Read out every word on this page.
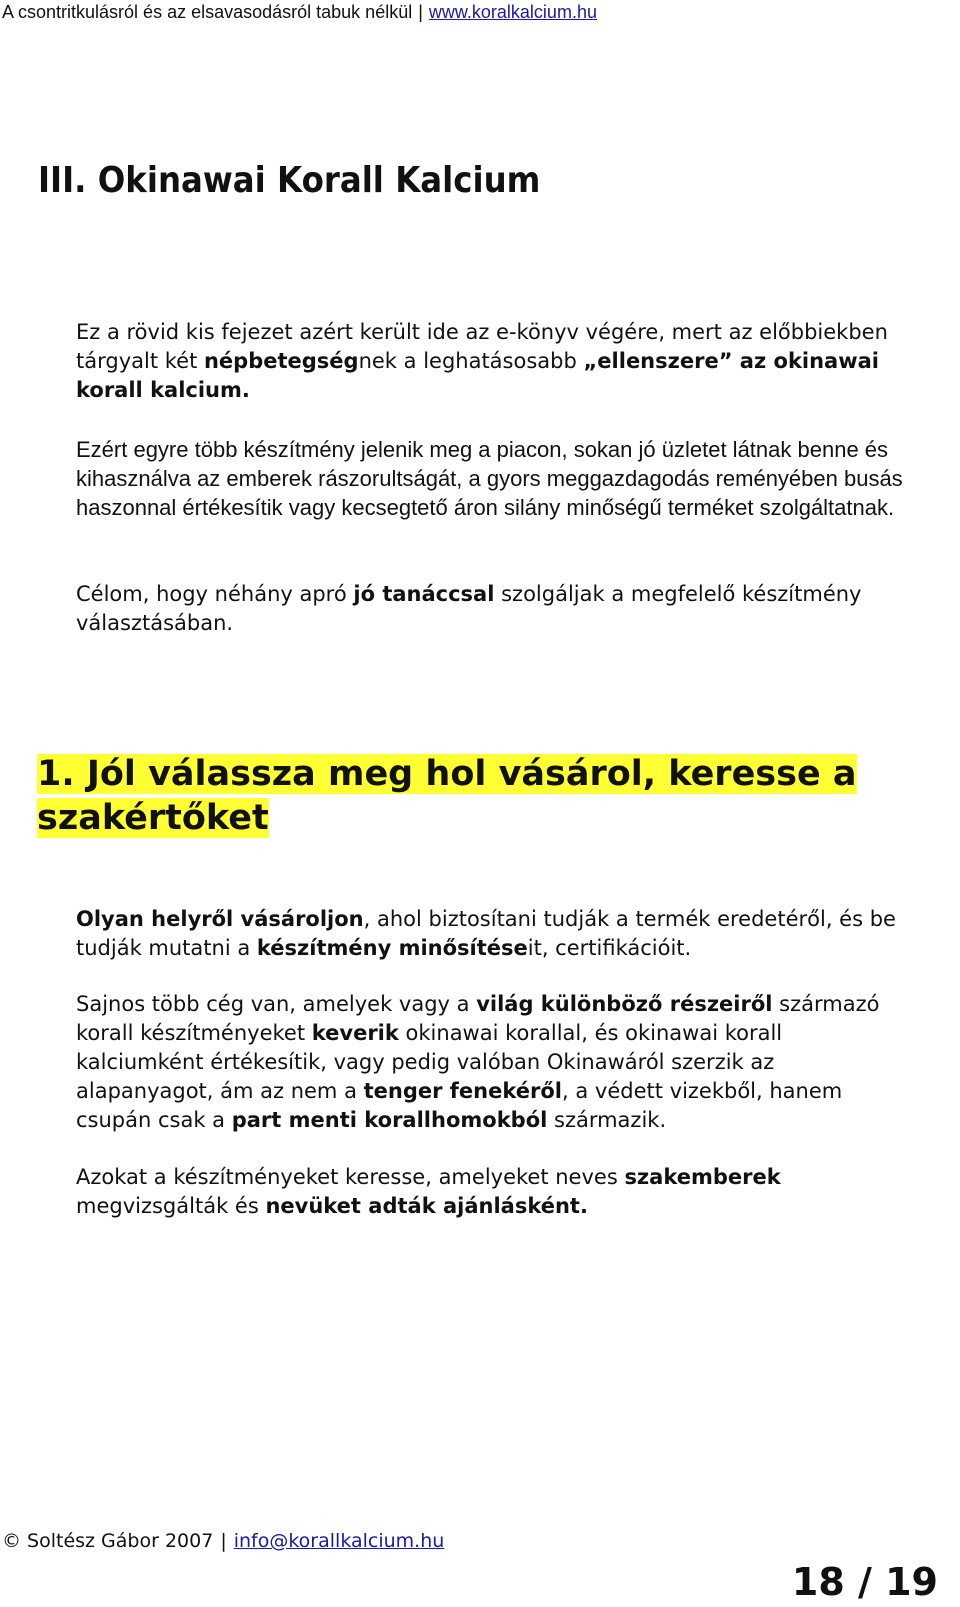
A csontritkulásról és az elsavasodásról tabuk nélkül | www.koralkalcium.hu
III. Okinawai Korall Kalcium

Ez a rövid kis fejezet azért került ide az e-könyv végére, mert az előbbiekben tárgyalt két népbetegségnek a leghatásosabb „ellenszere” az okinawai korall kalcium.

Ezért egyre több készítmény jelenik meg a piacon, sokan jó üzletet látnak benne és kihasználva az emberek rászorultságát, a gyors meggazdagodás reményében busás haszonnal értékesítik vagy kecsegtető áron silány minőségű terméket szolgáltatnak.

Célom, hogy néhány apró jó tanáccsal szolgáljak a megfelelő készítmény választásában.

1. Jól válassza meg hol vásárol, keresse a szakértőket

Olyan helyről vásároljon, ahol biztosítani tudják a termék eredetéről, és be tudják mutatni a készítmény minősítéseit, certifikációit.

Sajnos több cég van, amelyek vagy a világ különböző részeiről származó korall készítményeket keverik okinawai korallal, és okinawai korall kalciumként értékesítik, vagy pedig valóban Okinawáról szerzik az alapanyagot, ám az nem a tenger fenekéről, a védett vizekből, hanem csupán csak a part menti korallhomokból származik.

Azokat a készítményeket keresse, amelyeket neves szakemberek megvizsgálták és nevüket adták ajánlásként.

© Soltész Gábor 2007 | info@korallkalcium.hu
18 / 19
